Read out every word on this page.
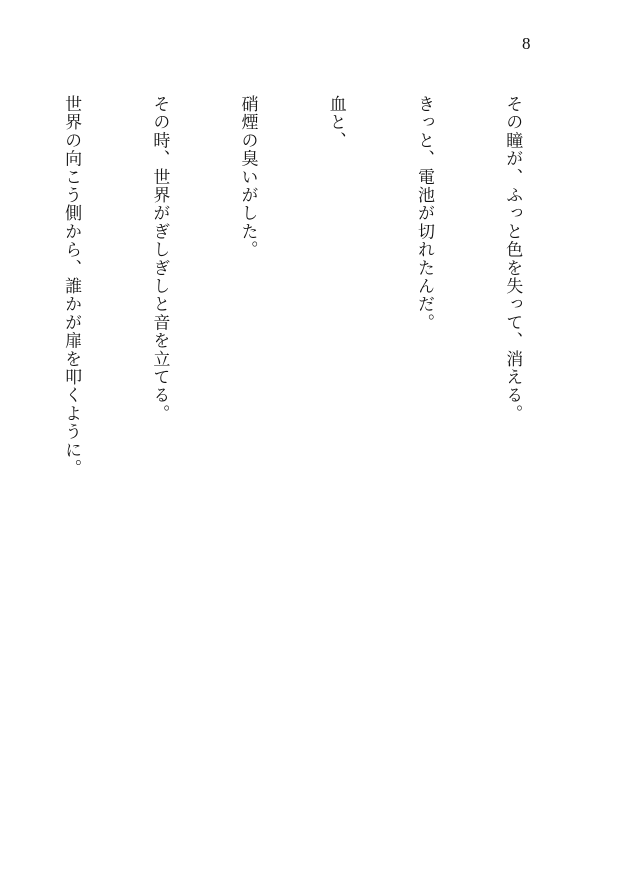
8

その瞳が、ふっと色を失って、消える。

きっと、電池が切れたんだ。

血と、

硝煙の臭いがした。

その時、世界がぎしぎしと音を立てる。

世界の向こう側から、誰かが扉を叩くように。
